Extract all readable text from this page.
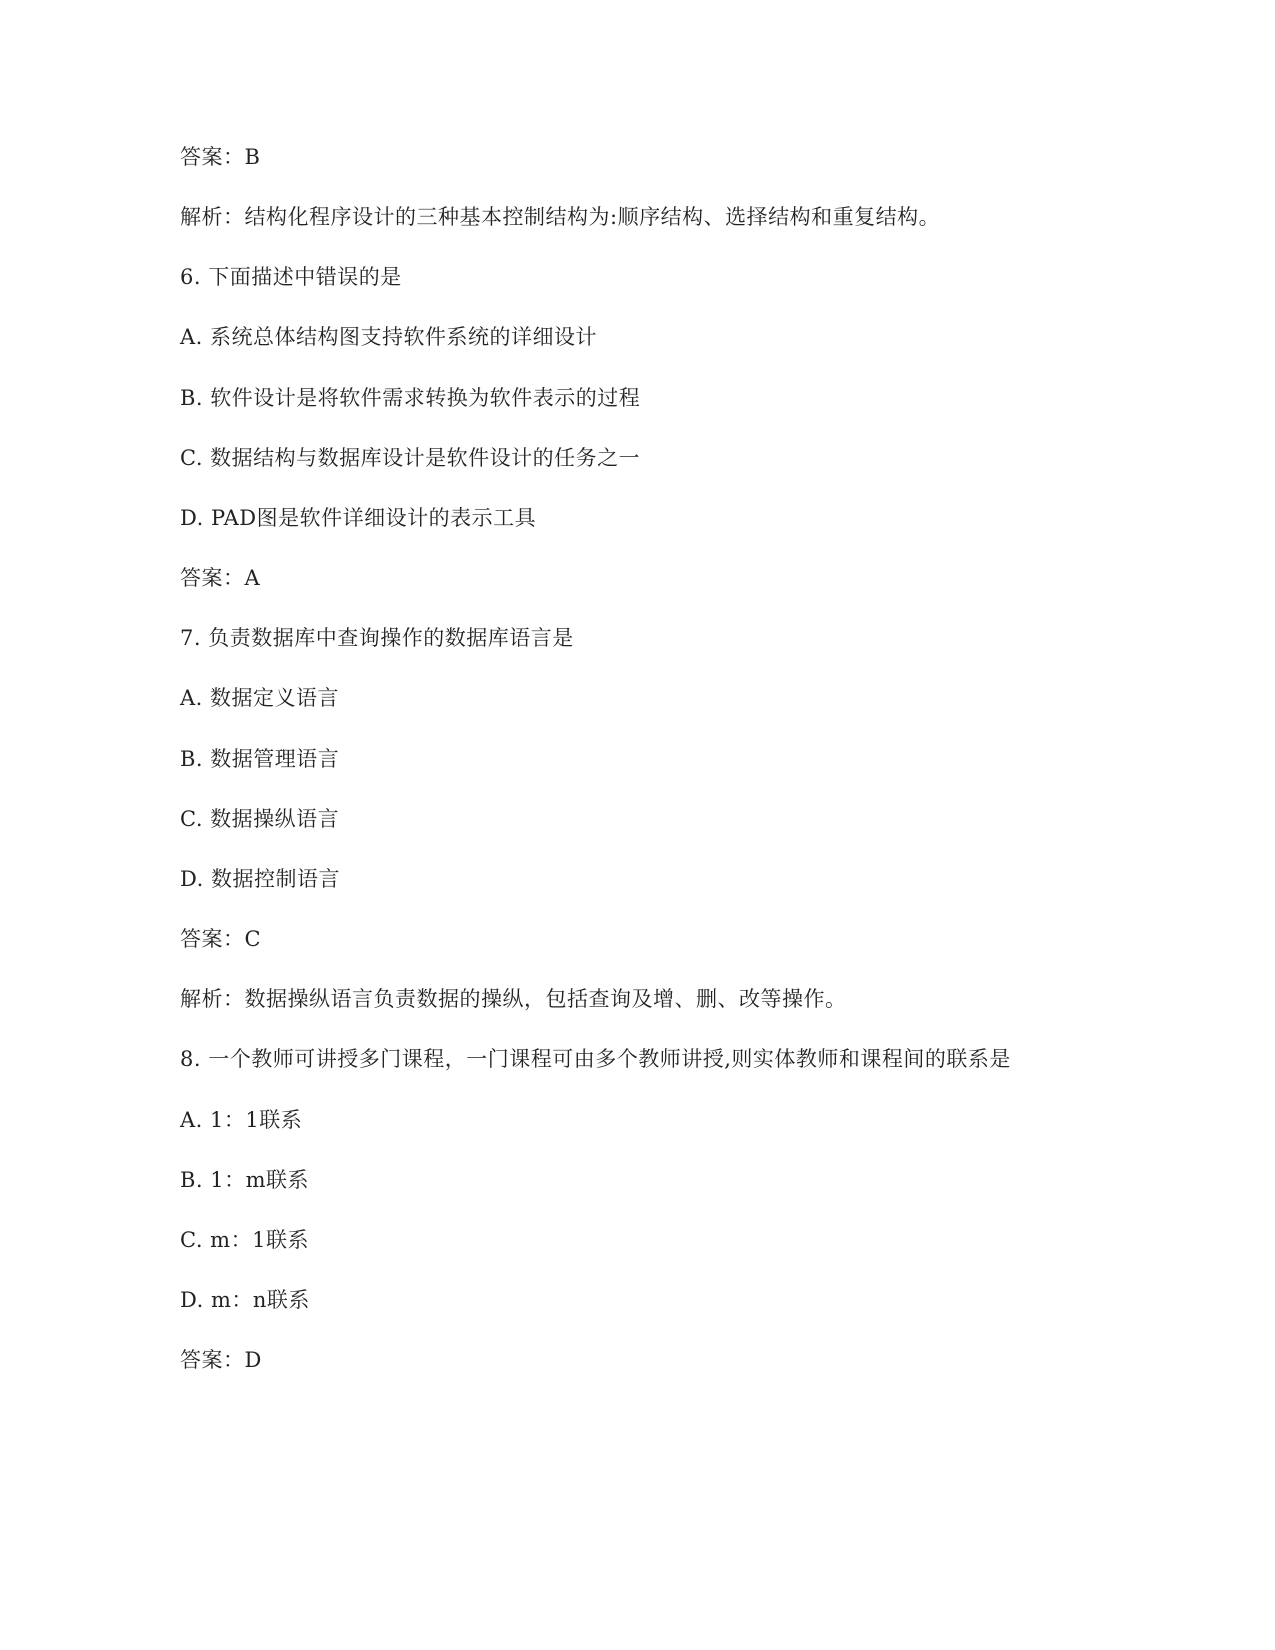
答案：B

解析：结构化程序设计的三种基本控制结构为:顺序结构、选择结构和重复结构。

6. 下面描述中错误的是

A. 系统总体结构图支持软件系统的详细设计

B. 软件设计是将软件需求转换为软件表示的过程

C. 数据结构与数据库设计是软件设计的任务之一

D. PAD图是软件详细设计的表示工具

答案：A

7. 负责数据库中查询操作的数据库语言是

A. 数据定义语言

B. 数据管理语言

C. 数据操纵语言

D. 数据控制语言

答案：C

解析：数据操纵语言负责数据的操纵，包括查询及增、删、改等操作。

8. 一个教师可讲授多门课程，一门课程可由多个教师讲授,则实体教师和课程间的联系是

A. 1：1联系

B. 1：m联系

C. m：1联系

D. m：n联系

答案：D
